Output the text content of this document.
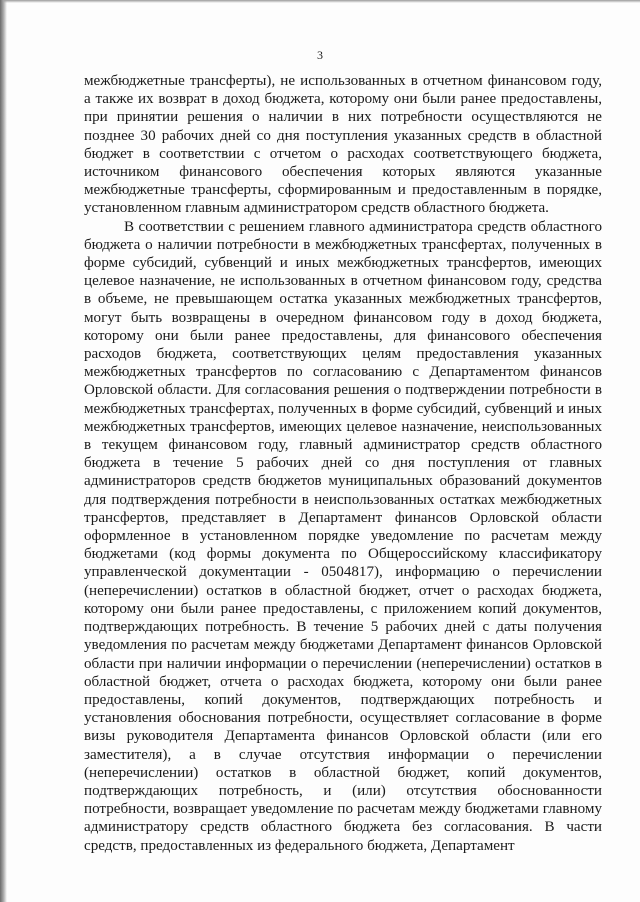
3

межбюджетные трансферты), не использованных в отчетном финансовом году, а также их возврат в доход бюджета, которому они были ранее предоставлены, при принятии решения о наличии в них потребности осуществляются не позднее 30 рабочих дней со дня поступления указанных средств в областной бюджет в соответствии с отчетом о расходах соответствующего бюджета, источником финансового обеспечения которых являются указанные межбюджетные трансферты, сформированным и предоставленным в порядке, установленном главным администратором средств областного бюджета.

В соответствии с решением главного администратора средств областного бюджета о наличии потребности в межбюджетных трансфертах, полученных в форме субсидий, субвенций и иных межбюджетных трансфертов, имеющих целевое назначение, не использованных в отчетном финансовом году, средства в объеме, не превышающем остатка указанных межбюджетных трансфертов, могут быть возвращены в очередном финансовом году в доход бюджета, которому они были ранее предоставлены, для финансового обеспечения расходов бюджета, соответствующих целям предоставления указанных межбюджетных трансфертов по согласованию с Департаментом финансов Орловской области. Для согласования решения о подтверждении потребности в межбюджетных трансфертах, полученных в форме субсидий, субвенций и иных межбюджетных трансфертов, имеющих целевое назначение, неиспользованных в текущем финансовом году, главный администратор средств областного бюджета в течение 5 рабочих дней со дня поступления от главных администраторов средств бюджетов муниципальных образований документов для подтверждения потребности в неиспользованных остатках межбюджетных трансфертов, представляет в Департамент финансов Орловской области оформленное в установленном порядке уведомление по расчетам между бюджетами (код формы документа по Общероссийскому классификатору управленческой документации - 0504817), информацию о перечислении (неперечислении) остатков в областной бюджет, отчет о расходах бюджета, которому они были ранее предоставлены, с приложением копий документов, подтверждающих потребность. В течение 5 рабочих дней с даты получения уведомления по расчетам между бюджетами Департамент финансов Орловской области при наличии информации о перечислении (неперечислении) остатков в областной бюджет, отчета о расходах бюджета, которому они были ранее предоставлены, копий документов, подтверждающих потребность и установления обоснования потребности, осуществляет согласование в форме визы руководителя Департамента финансов Орловской области (или его заместителя), а в случае отсутствия информации о перечислении (неперечислении) остатков в областной бюджет, копий документов, подтверждающих потребность, и (или) отсутствия обоснованности потребности, возвращает уведомление по расчетам между бюджетами главному администратору средств областного бюджета без согласования. В части средств, предоставленных из федерального бюджета, Департамент
